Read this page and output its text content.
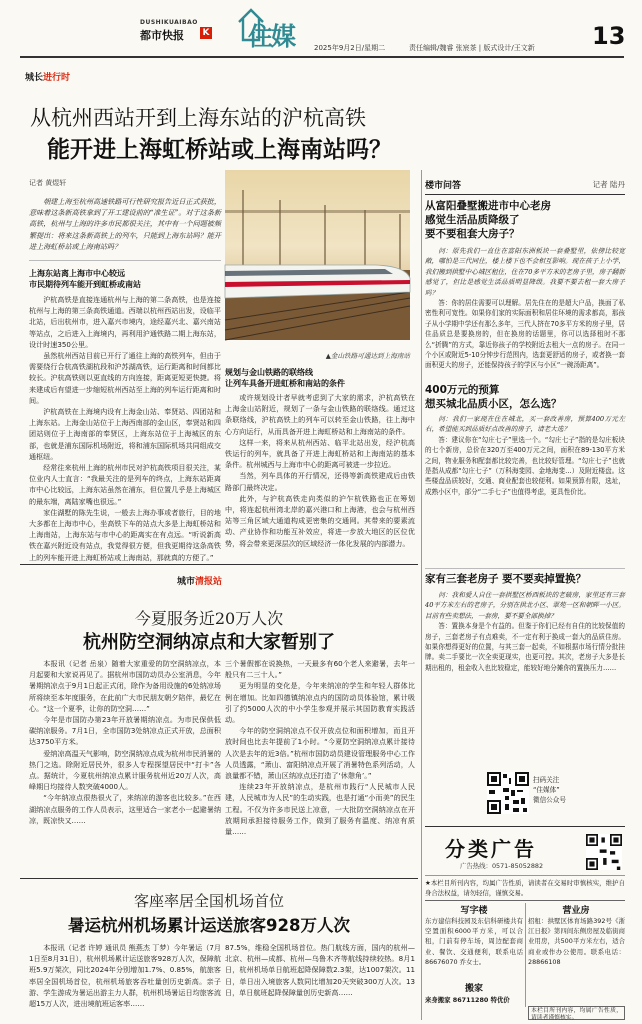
DUSHIKUAIBAO
都市快报 K 住媒	2025年9月2日/星期二	责任编辑/魏睿 张宸茶 | 版式设计/王文新 13
城长进行时
从杭州西站开到上海东站的沪杭高铁
能开进上海虹桥站或上海南站吗？
记者 黄煜轩
朝建上海至杭州高速铁路可行性研究报告近日正式获批，意味着这条新高铁拿到了开工建设前的“准生证”。对于这条新高铁，杭州与上海的许多市民都很关注，其中有一个问题被频繁提出：将来这条新高铁上的列车，只能到上海东站吗？能开进上海虹桥站或上海南站吗？
上海东站离上海市中心较远
市民期待列车能开到虹桥或南站

沪杭高铁是直接连通杭州与上海的第二条高铁，也是连接杭州与上海的第三条高铁通道。西端以杭州西站出发，设临平北站，后出杭州市，进入嘉兴市境内，途经嘉兴北、嘉兴南站等站点，之后进入上海境内，再利用沪通铁路二期上海东站，设计时速350公里。

虽然杭州西站目前已开行了通往上海的高铁列车，但由于需要绕行合杭高铁湖杭段和沪苏湖高铁，运行距离和时间都比较长。沪杭高铁则以更直线的方向连接，距离更短更快捷。将来建成后有望进一步缩短杭州西站至上海的列车运行距离和时间。

沪杭高铁在上海境内设有上海金山站、奉贤站、四团站和上海东站。上海金山站位于上海西南部的金山区，奉贤站和四团站则位于上海南部的奉贤区，上海东站位于上海城区的东部，也就是浦东国际机场附近，将和浦东国际机场共同组成交通枢纽。

经常往来杭州上海的杭州市民对沪杭高铁项目很关注，某位业内人士直言：“我最关注的是列车的终点，上海东站距离市中心比较远，上海东站虽然在浦东，但位置几乎是上海城区的最东端，离陆家嘴也很远。”

家住湖墅的陈先生说，一般去上海办事或者旅行，目的地大多都在上海市中心，坐高铁下车的站点大多是上海虹桥站和上海南站，上海东站与市中心的距离实在有点远。“听说新高铁在嘉兴附近设有站点，我觉得很方便，但我更期待这条高铁上的列车能开进上海虹桥站或上海南站，那就真的方便了。”

▲金山铁路可通达到上海南站
规划与金山铁路的联络线
让列车具备开进虹桥和南站的条件

或许规划设计者早就考虑到了大家的需求，沪杭高铁在上海金山站附近，规划了一条与金山铁路的联络线。通过这条联络线，沪杭高铁上的列车可以转至金山铁路，往上海中心方向运行，从而具备开进上海虹桥站和上海南站的条件。

这样一来，将来从杭州西站、临平北站出发，经沪杭高铁运行的列车，就具备了开进上海虹桥站和上海南站的基本条件。杭州城西与上海市中心的距离可被进一步拉近。

当然，列车具体的开行情况，还得等新高铁建成后由铁路部门最终决定。

此外，与沪杭高铁走向类似的沪乍杭铁路也正在筹划中，将连起杭州湾北岸的嘉兴港口和上海港，也会与杭州西站等三角区域大通道构成更密集的交通网。其带来的要素流动、产业协作和功能互补效应，将进一步放大地区的区位优势，将会带来更深层次的区域经济一体化发展的内部潜力。

城市清报站
今夏服务近20万人次
杭州防空洞纳凉点和大家暂别了

本报讯（记者 岳泉）随着大家重爱的防空洞纳凉点，本月起要和大家说再见了。据杭州市国防动员办公室消息，今年暑期纳凉点于9月1日起正式闭，除作为备用设施的6处纳凉场所将续至本年度服务，在此前广大市民朋友朝夕陪伴，最忆在心。“这一个夏季，让你的防空洞……”

今年是市国防办第23年开放暑期纳凉点。为市民保供低碳纳凉服务。7月1日，全市国防3处纳凉点正式开放，总面积达3750平方米。

爱纳凉高温天气影响，防空洞纳凉点成为杭州市民消暑的热门之选。除附近居民外，很多人专程探望居民中“打卡”各点。据统计，今夏杭州纳凉点累计服务杭州近20万人次，高峰期日均接待人数突破4000人。

“今年纳凉点很热很火了，来纳凉的游客也比较多。”在西湖纳凉点服务的工作人员表示，这里适合一家老小一起避暑纳凉，既凉快又……

三个暑假都在说换热，一天最多有60个老人来避暑，去年一般只有二三十人。”

更为明显的变化是，今年来纳凉的学生和年轻人群体比例在增加。比如四德镇纳凉点内的国防动员体验馆，累计吸引了约5000人次的中小学生参观并展示其国防教育实践活动。

今年的防空洞纳凉点不仅开放点位和面积增加，而且开放时间也比去年提前了1小时。“今夏防空洞纳凉点累计接待人次是去年的近3倍。”杭州市国防动员建设管理服务中心工作人员透露，“萧山、富阳纳凉点开展了消暑特色系列活动，人浪量都不错，萧山区纳凉点还打造了‘休憩角’。”

连续23年开放纳凉点，是杭州市践行“人民城市人民建，人民城市为人民”的生动实践，也是打通“小而美”的民生工程。不仅为许多市民送上凉意，一大批防空洞纳凉点在开放期间承担接待服务工作，做到了服务有温度、纳凉有质量……

客座率居全国机场首位
暑运杭州机场累计运送旅客928万人次

本报讯（记者 许婷 通讯员 熊燕杰 丁梦）今年暑运（7月1日至8月31日），杭州机场累计运送旅客928万人次，保障航班5.9万架次，同比2024年分别增加1.7%、0.85%，航旅客率居全国机场首位，杭州机场旅客吞吐量创历史新高。亲子游、学生游成为暑运出游主力人群，杭州机场暑运日均旅客流超15万人次，进出境航班运客率……

87.5%，维稳全国机场首位。热门航线方面，国内的杭州—北京、杭州—成都、杭州—乌鲁木齐等航线持续较热。8月1日，杭州机场单日航班起降保障数2.3架，达1007架次。11日，单日出入境旅客人数同比增加20天突破300万人次。13日，单日航班起降保障量创历史新高……

楼市问答	记者 陆丹
从富阳叠墅搬进市中心老房
感觉生活品质降级了
要不要租套大房子？

问：原先我们一直住在富阳东洲板块一套叠墅里，依傍比较宽敞，哪怕是三代同住，楼上楼下也不会相互影响。现在孩子上小学，我们搬到拱墅中心城区租住，住在70多平方米的老房子里，房子翻新感觉了，但比是感觉生活品质明显降级。我要不要去租一套大房子吗？

答：你的居住需要可以理解。居先住在的是超大户品，换面了私密性利可宽性。如果你们家的实际面积和居住环境的需求都高，那孩子从小学期中学还有那么多年，三代人挤在70多平方米的房子里，居住品质总是要换房的，但在换房的话题里，你可以选择租时不那么“折腾”的方式，靠近你孩子的学校附近去租大一点的房子。在同一个小区或附近5-10分钟步行范围内，选套更舒适的房子，或者换一套面积更大的房子，还能保持孩子的学区与小区“一碗汤距离”。

400万元的预算
想买城北品质小区，怎么选？

问：我们一家现在住在城北，买一套改善房，预算400万元左右，希望能买到品质好点改善的房子，请老大选？

答：建议你在“勾庄七子”里选一个。“勾庄七子”指的是勾庄板块的七个新房，总价在320万至400万元之间，面积在89-130平方米之间，物业服务和配套都比较完善，也比较好管理。“勾庄七子”也就是指从成都“勾庄七子”（万科海斐园、金地海斐…）及附近楼盘。这些楼盘品质较好，交通、商业配套也较便利。如果预算有限，选址，成熟小区中，部分“二手七子”也值得考虑，更具性价比。

家有三套老房子 要不要卖掉置换？

问：我和爱人自住一套拱墅区桥西板块的老破房，家里还有三套40平方米左右的老房子，分别在拱北小区、翠苑一区和朝晖一小区。目前有些卖想法，一套房，要不要全部换掉？

答：置换本身是个有益的。但鉴于你们已经有自住的比较保值的房子，三套老房子有点难卖，不一定有利于换成一套大的品质住房。如果你想得更好的位置，与其三套一起卖，不如根据市场行情分批挂牌。卖二手要比一次全卖更现实，也更可控。其次，老房子大多是长期出租的，租金收入也比较稳定，能较好地分摊你的置换压力……

扫码关注
“住媒体”
微信公众号
分类广告
广告热线：0571-85052882
★本栏目所刊内容，均属广告性质，请读者在交易时审慎核实，维护自身合法权益，请勿轻信，谨慎交易。
写字楼	营业房
东方建信科技园及东信科研楼共有空置面积6000平方米，可以合租，门前有停车场，周边配套商业、餐饮、交通便利，联系电话86676070 乔女士。
招租：拱墅区体育场路392号《浙江日报》第四间东侧房屋及临街商业用房，共500平方米左右，适合商业或作办公使用。联系电话：28866108
搬家
来身搬家 86711280 特优价
本栏目所刊内容，均属广告性质，请读者谨慎核实。
